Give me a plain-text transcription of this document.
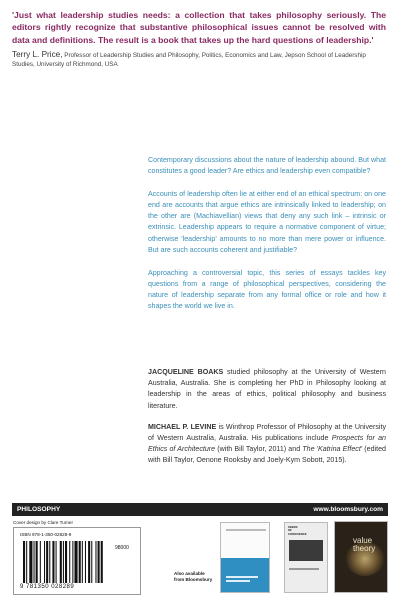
'Just what leadership studies needs: a collection that takes philosophy seriously. The editors rightly recognize that substantive philosophical issues cannot be resolved with data and definitions. The result is a book that takes up the hard questions of leadership.'

Terry L. Price, Professor of Leadership Studies and Philosophy, Politics, Economics and Law, Jepson School of Leadership Studies, University of Richmond, USA

Contemporary discussions about the nature of leadership abound. But what constitutes a good leader? Are ethics and leadership even compatible?

Accounts of leadership often lie at either end of an ethical spectrum: on one end are accounts that argue ethics are intrinsically linked to leadership; on the other are (Machiavellian) views that deny any such link – intrinsic or extrinsic. Leadership appears to require a normative component of virtue; otherwise 'leadership' amounts to no more than mere power or influence. But are such accounts coherent and justifiable?

Approaching a controversial topic, this series of essays tackles key questions from a range of philosophical perspectives, considering the nature of leadership separate from any formal office or role and how it shapes the world we live in.

JACQUELINE BOAKS studied philosophy at the University of Western Australia, Australia. She is completing her PhD in Philosophy looking at leadership in the areas of ethics, political philosophy and business literature.

MICHAEL P. LEVINE is Winthrop Professor of Philosophy at the University of Western Australia, Australia. His publications include Prospects for an Ethics of Architecture (with Bill Taylor, 2011) and The 'Katrina Effect' (edited with Bill Taylor, Oenone Rooksby and Joely-Kym Sobott, 2015).

PHILOSOPHY	www.bloomsbury.com
Cover design by Clare Turner
ISBN 978-1-350-02828-9
98000
9 781350 028289
Also available
from Bloomsbury
SEEDS
OF
CONSCIENCE
value
theory
